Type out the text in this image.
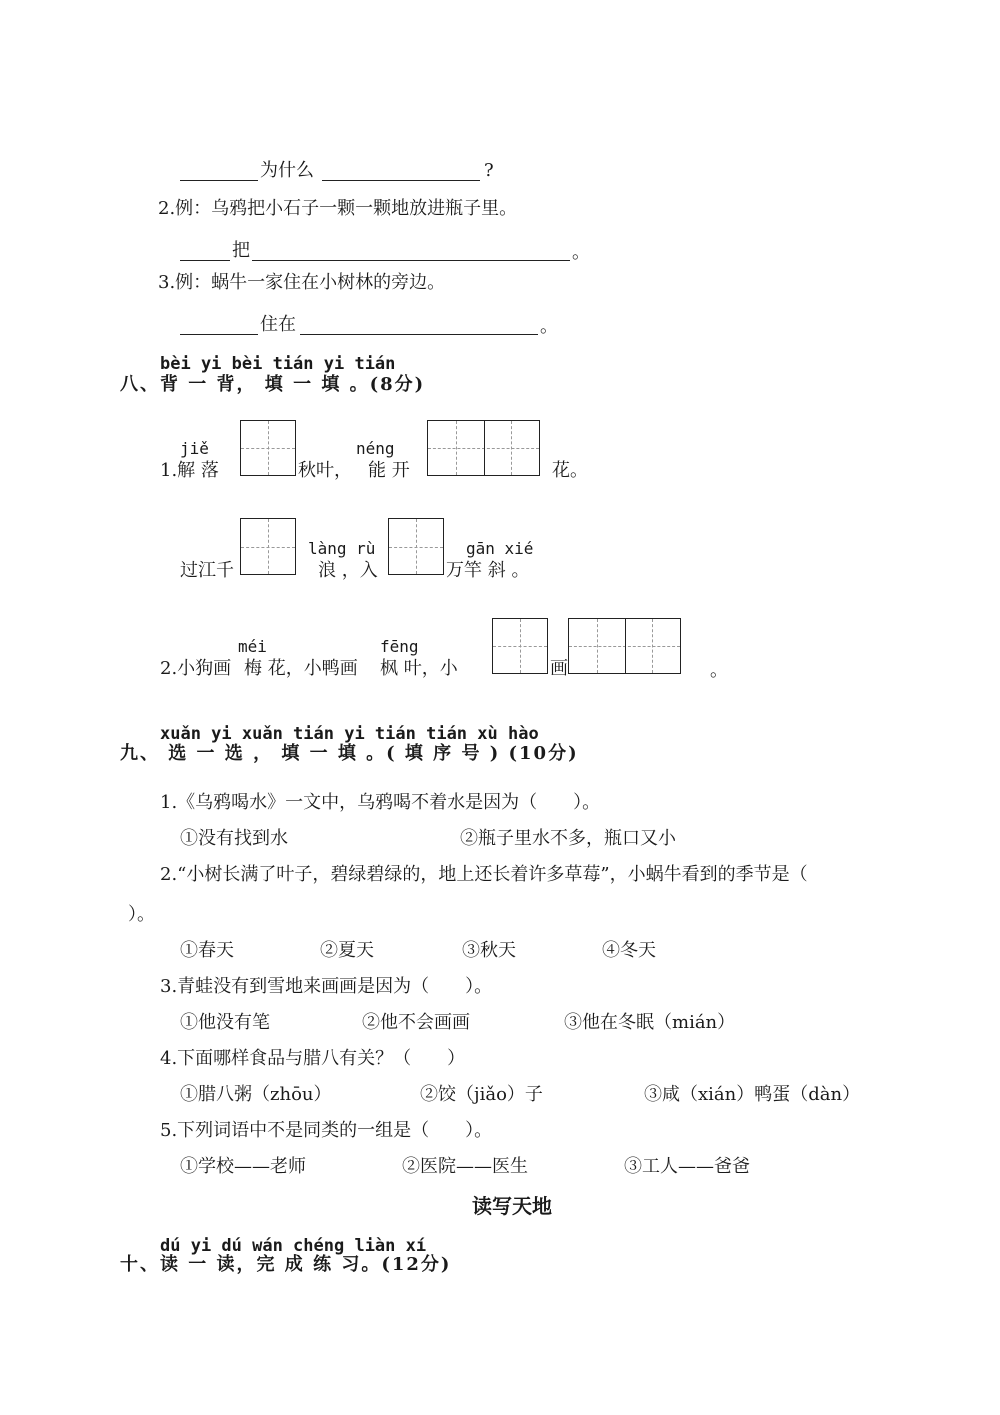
为什么	?
2.例：乌鸦把小石子一颗一颗地放进瓶子里。
把	。
3.例：蜗牛一家住在小树林的旁边。
住在	。
bèi yi bèi tián yi tián
八、背 一 背， 填 一 填 。(8分)
jiě
1.解 落	秋叶，
néng
能 开	花。
过江千
làng rù
浪 ，入
gān xié
万竿 斜 。
2.小狗画
méi
梅 花，小鸭画
fēng
枫 叶，小	画	。
xuǎn yi xuǎn tián yi tián tián xù hào
九、 选 一 选 ， 填 一 填 。( 填 序 号 ) (10分)
1.《乌鸦喝水》一文中，乌鸦喝不着水是因为（　　）。
①没有找到水	②瓶子里水不多，瓶口又小
2.“小树长满了叶子，碧绿碧绿的，地上还长着许多草莓”，小蜗牛看到的季节是（
）。
①春天	②夏天	③秋天	④冬天
3.青蛙没有到雪地来画画是因为（　　）。
①他没有笔	②他不会画画	③他在冬眠（mián）
4.下面哪样食品与腊八有关？（　　）
①腊八粥（zhōu）	②饺（jiǎo）子	③咸（xián）鸭蛋（dàn）
5.下列词语中不是同类的一组是（　　）。
①学校——老师	②医院——医生	③工人——爸爸
读写天地
dú yi dú wán chéng liàn xí
十、读 一 读，完 成 练 习。(12分)
